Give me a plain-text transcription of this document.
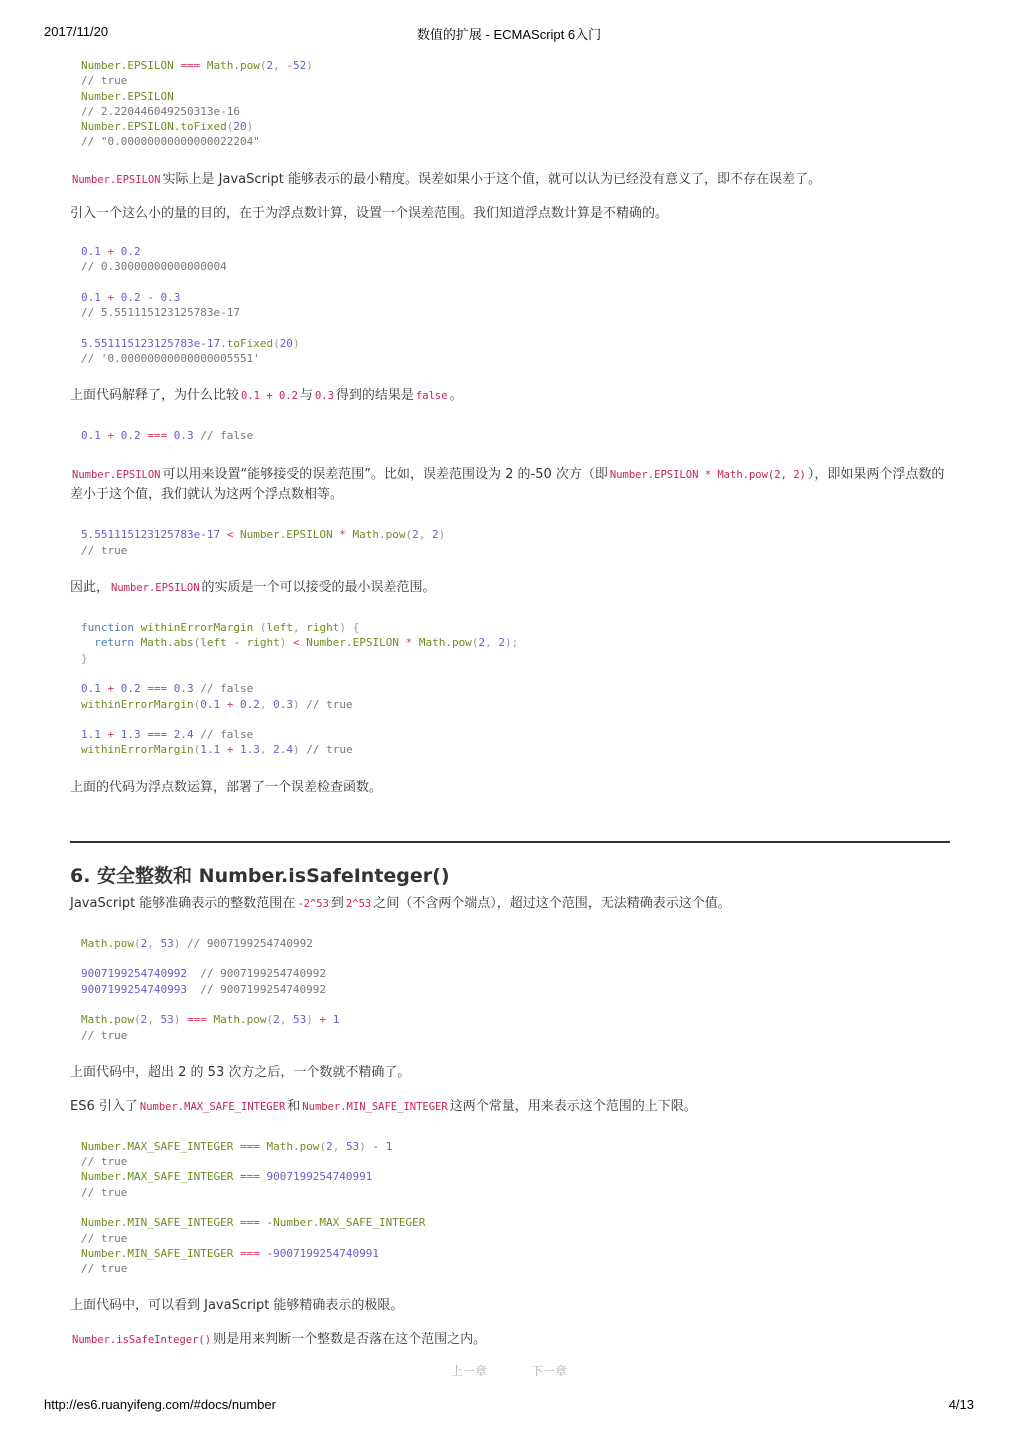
2017/11/20	数值的扩展 - ECMAScript 6入门
Number.EPSILON === Math.pow(2, -52)
// true
Number.EPSILON
// 2.220446049250313e-16
Number.EPSILON.toFixed(20)
// "0.00000000000000022204"

Number.EPSILON 实际上是 JavaScript 能够表示的最小精度。误差如果小于这个值，就可以认为已经没有意义了，即不存在误差了。

引入一个这么小的量的目的，在于为浮点数计算，设置一个误差范围。我们知道浮点数计算是不精确的。

0.1 + 0.2
// 0.30000000000000004

0.1 + 0.2 - 0.3
// 5.551115123125783e-17

5.551115123125783e-17.toFixed(20)
// '0.00000000000000005551'

上面代码解释了，为什么比较 0.1 + 0.2 与 0.3 得到的结果是 false 。

0.1 + 0.2 === 0.3 // false

Number.EPSILON 可以用来设置“能够接受的误差范围”。比如，误差范围设为 2 的-50 次方（即 Number.EPSILON * Math.pow(2, 2) ），即如果两个浮点数的差小于这个值，我们就认为这两个浮点数相等。

5.551115123125783e-17 < Number.EPSILON * Math.pow(2, 2)
// true

因此， Number.EPSILON 的实质是一个可以接受的最小误差范围。

function withinErrorMargin (left, right) {
return Math.abs(left - right) < Number.EPSILON * Math.pow(2, 2);
}

0.1 + 0.2 === 0.3 // false
withinErrorMargin(0.1 + 0.2, 0.3) // true

1.1 + 1.3 === 2.4 // false
withinErrorMargin(1.1 + 1.3, 2.4) // true

上面的代码为浮点数运算，部署了一个误差检查函数。

6. 安全整数和 Number.isSafeInteger()

JavaScript 能够准确表示的整数范围在 -2^53 到 2^53 之间（不含两个端点），超过这个范围，无法精确表示这个值。

Math.pow(2, 53) // 9007199254740992

9007199254740992 // 9007199254740992
9007199254740993 // 9007199254740992

Math.pow(2, 53) === Math.pow(2, 53) + 1
// true

上面代码中，超出 2 的 53 次方之后，一个数就不精确了。

ES6 引入了 Number.MAX_SAFE_INTEGER 和 Number.MIN_SAFE_INTEGER 这两个常量，用来表示这个范围的上下限。

Number.MAX_SAFE_INTEGER === Math.pow(2, 53) - 1
// true
Number.MAX_SAFE_INTEGER === 9007199254740991
// true

Number.MIN_SAFE_INTEGER === -Number.MAX_SAFE_INTEGER
// true
Number.MIN_SAFE_INTEGER === -9007199254740991
// true

上面代码中，可以看到 JavaScript 能够精确表示的极限。

Number.isSafeInteger() 则是用来判断一个整数是否落在这个范围之内。

上一章	下一章
http://es6.ruanyifeng.com/#docs/number	4/13
